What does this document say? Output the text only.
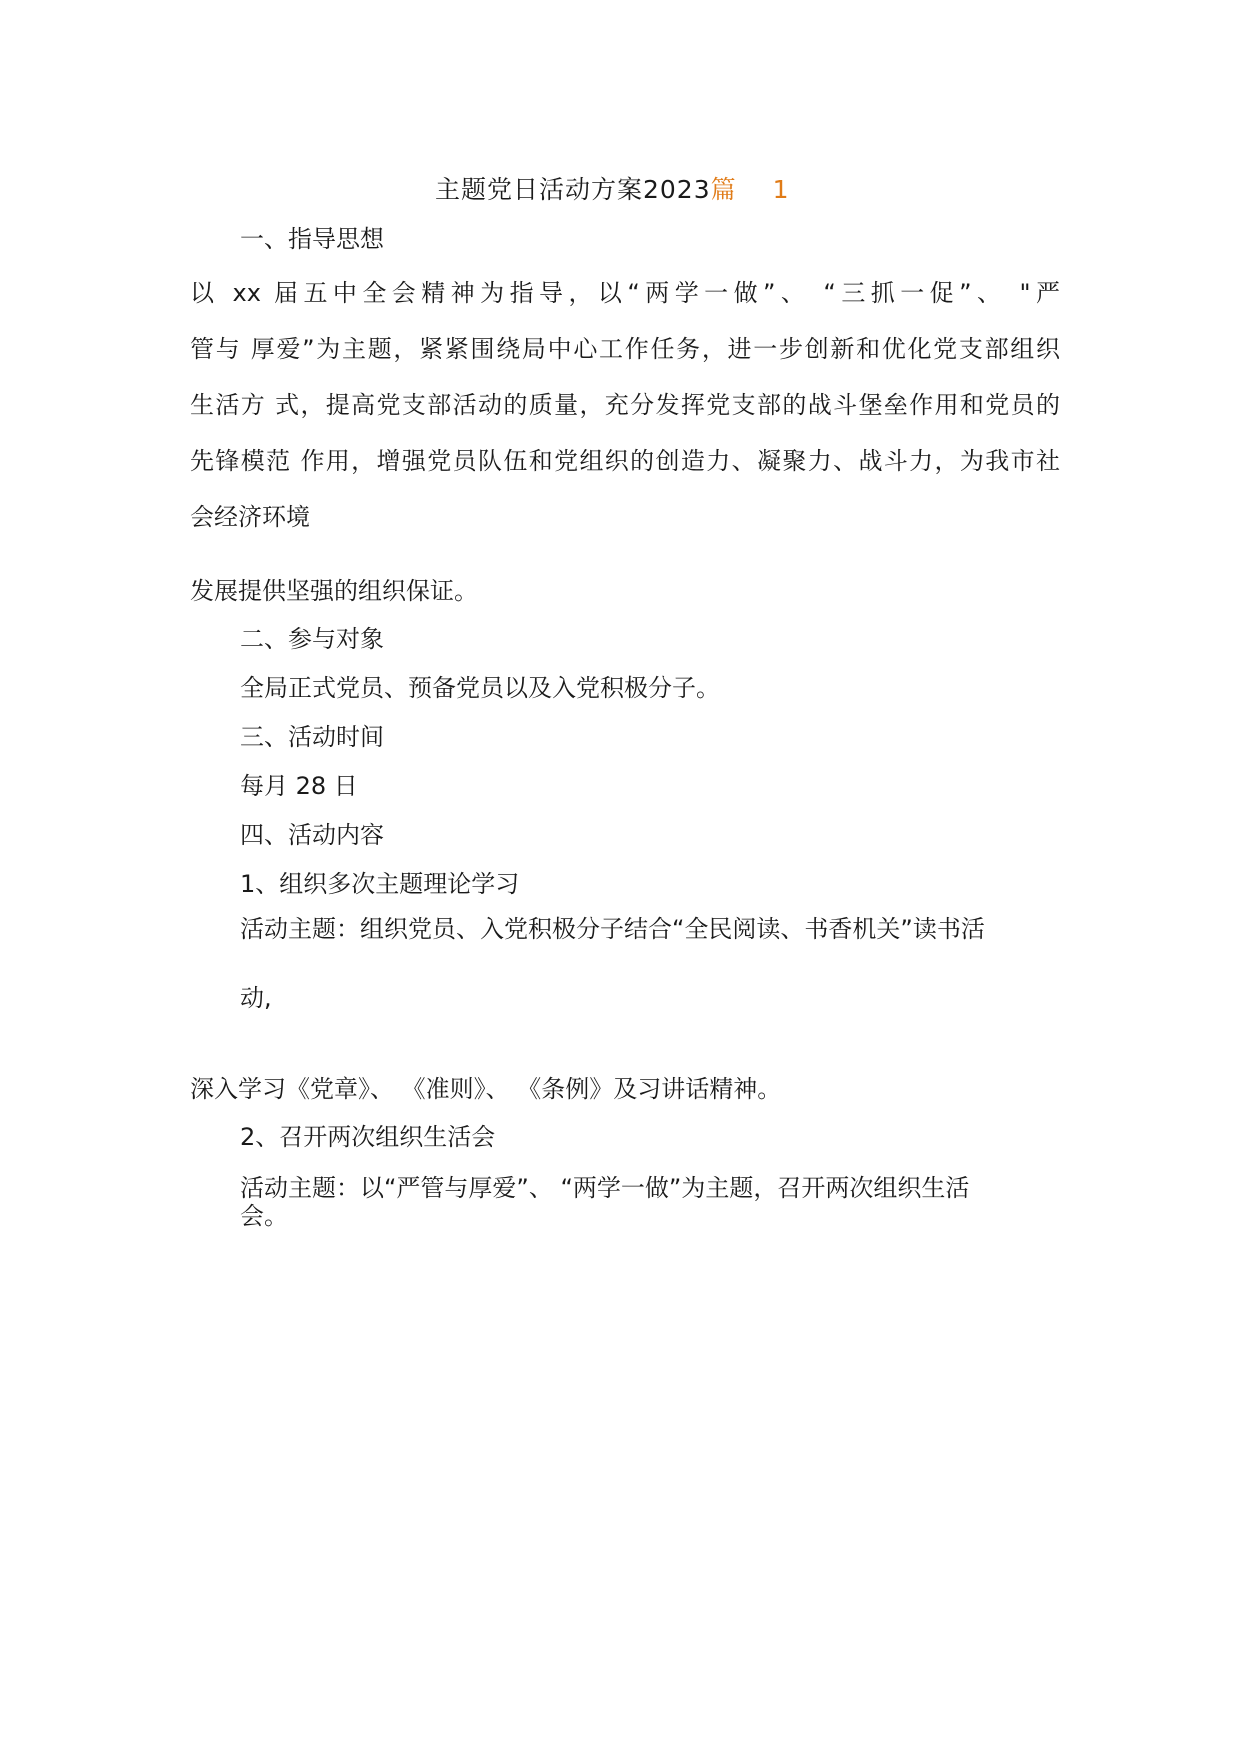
主题党日活动方案2023篇 1
一、指导思想
以 xx 届五中全会精神为指导，以“两学一做”、 “三抓一促”、 "严
管与 厚爱”为主题，紧紧围绕局中心工作任务，进一步创新和优化党支部组织
生活方 式，提高党支部活动的质量，充分发挥党支部的战斗堡垒作用和党员的
先锋模范 作用，增强党员队伍和党组织的创造力、凝聚力、战斗力，为我市社
会经济环境
发展提供坚强的组织保证。
二、参与对象
全局正式党员、预备党员以及入党积极分子。
三、活动时间
每月 28 日
四、活动内容
1、组织多次主题理论学习
活动主题：组织党员、入党积极分子结合“全民阅读、书香机关”读书活
动,
深入学习《党章》、 《准则》、 《条例》及习讲话精神。
2、召开两次组织生活会
活动主题：以“严管与厚爱”、 “两学一做”为主题，召开两次组织生活
会。
